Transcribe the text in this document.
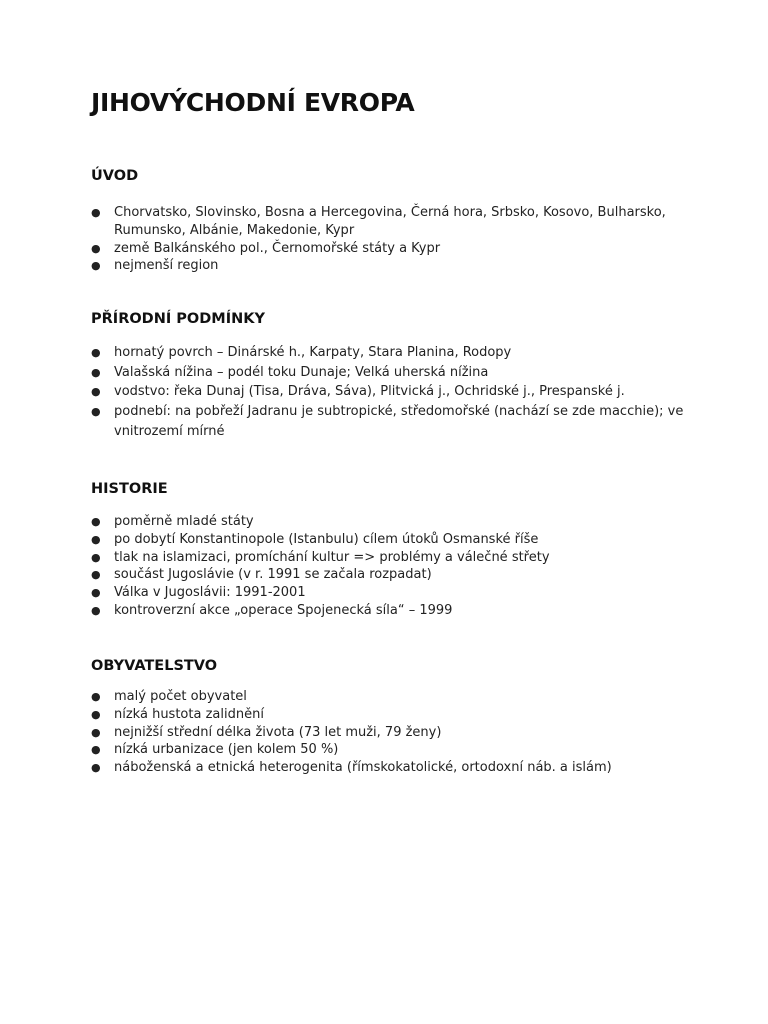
JIHOVÝCHODNÍ EVROPA
ÚVOD
● Chorvatsko, Slovinsko, Bosna a Hercegovina, Černá hora, Srbsko, Kosovo, Bulharsko, Rumunsko, Albánie, Makedonie, Kypr
● země Balkánského pol., Černomořské státy a Kypr
● nejmenší region
PŘÍRODNÍ PODMÍNKY
● hornatý povrch – Dinárské h., Karpaty, Stara Planina, Rodopy
● Valašská nížina – podél toku Dunaje; Velká uherská nížina
● vodstvo: řeka Dunaj (Tisa, Dráva, Sáva), Plitvická j., Ochridské j., Prespanské j.
● podnebí: na pobřeží Jadranu je subtropické, středomořské (nachází se zde macchie); ve vnitrozemí mírné
HISTORIE
● poměrně mladé státy
● po dobytí Konstantinopole (Istanbulu) cílem útoků Osmanské říše
● tlak na islamizaci, promíchání kultur => problémy a válečné střety
● součást Jugoslávie (v r. 1991 se začala rozpadat)
● Válka v Jugoslávii: 1991-2001
● kontroverzní akce „operace Spojenecká síla“ – 1999
OBYVATELSTVO
● malý počet obyvatel
● nízká hustota zalidnění
● nejnižší střední délka života (73 let muži, 79 ženy)
● nízká urbanizace (jen kolem 50 %)
● náboženská a etnická heterogenita (římskokatolické, ortodoxní náb. a islám)
